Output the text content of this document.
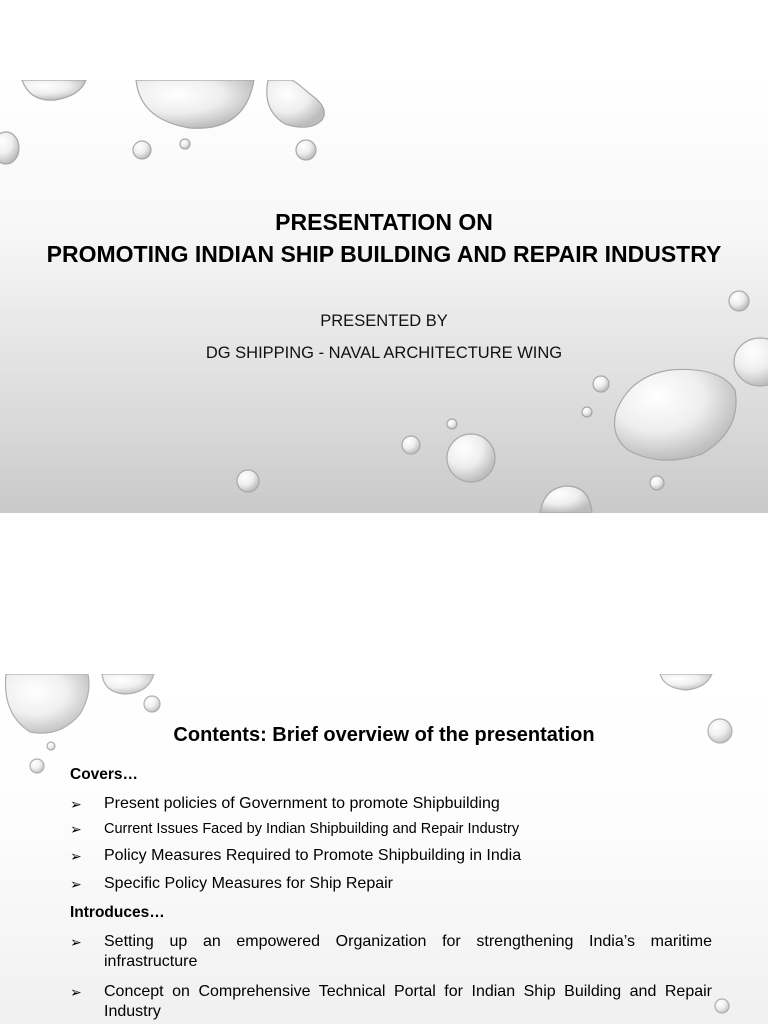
PRESENTATION ON
PROMOTING INDIAN SHIP BUILDING AND REPAIR INDUSTRY
PRESENTED BY
DG SHIPPING - NAVAL ARCHITECTURE WING
Contents: Brief overview of the presentation
Covers…
➢	Present policies of Government to promote Shipbuilding
➢	Current Issues Faced by Indian Shipbuilding and Repair Industry
➢	Policy Measures Required to Promote Shipbuilding in India
➢	Specific Policy Measures for Ship Repair
Introduces…
➢	Setting up an empowered Organization for strengthening India’s maritime infrastructure
➢	Concept on Comprehensive Technical Portal for Indian Ship Building and Repair Industry
